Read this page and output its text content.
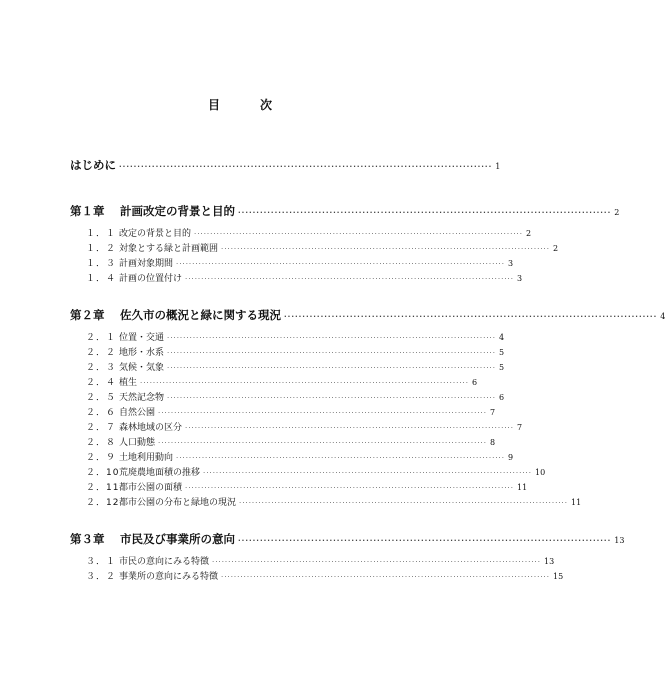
目　次
はじめに ······································································································ 1
第１章	計画改定の背景と目的 ······································································································ 2
１．１ 改定の背景と目的 ······································································································ 2
１．２ 対象とする緑と計画範囲 ······································································································ 2
１．３ 計画対象期間 ······································································································ 3
１．４ 計画の位置付け ······································································································ 3
第２章	佐久市の概況と緑に関する現況 ······································································································ 4
２．１ 位置・交通 ······································································································ 4
２．２ 地形・水系 ······································································································ 5
２．３ 気候・気象 ······································································································ 5
２．４ 植生 ······································································································ 6
２．５ 天然記念物 ······································································································ 6
２．６ 自然公園 ······································································································ 7
２．７ 森林地域の区分 ······································································································ 7
２．８ 人口動態 ······································································································ 8
２．９ 土地利用動向 ······································································································ 9
２．10 荒廃農地面積の推移 ······································································································ 10
２．11 都市公園の面積 ······································································································ 11
２．12 都市公園の分布と緑地の現況 ······································································································ 11
第３章	市民及び事業所の意向 ······································································································ 13
３．１ 市民の意向にみる特徴 ······································································································ 13
３．２ 事業所の意向にみる特徴 ······································································································ 15
